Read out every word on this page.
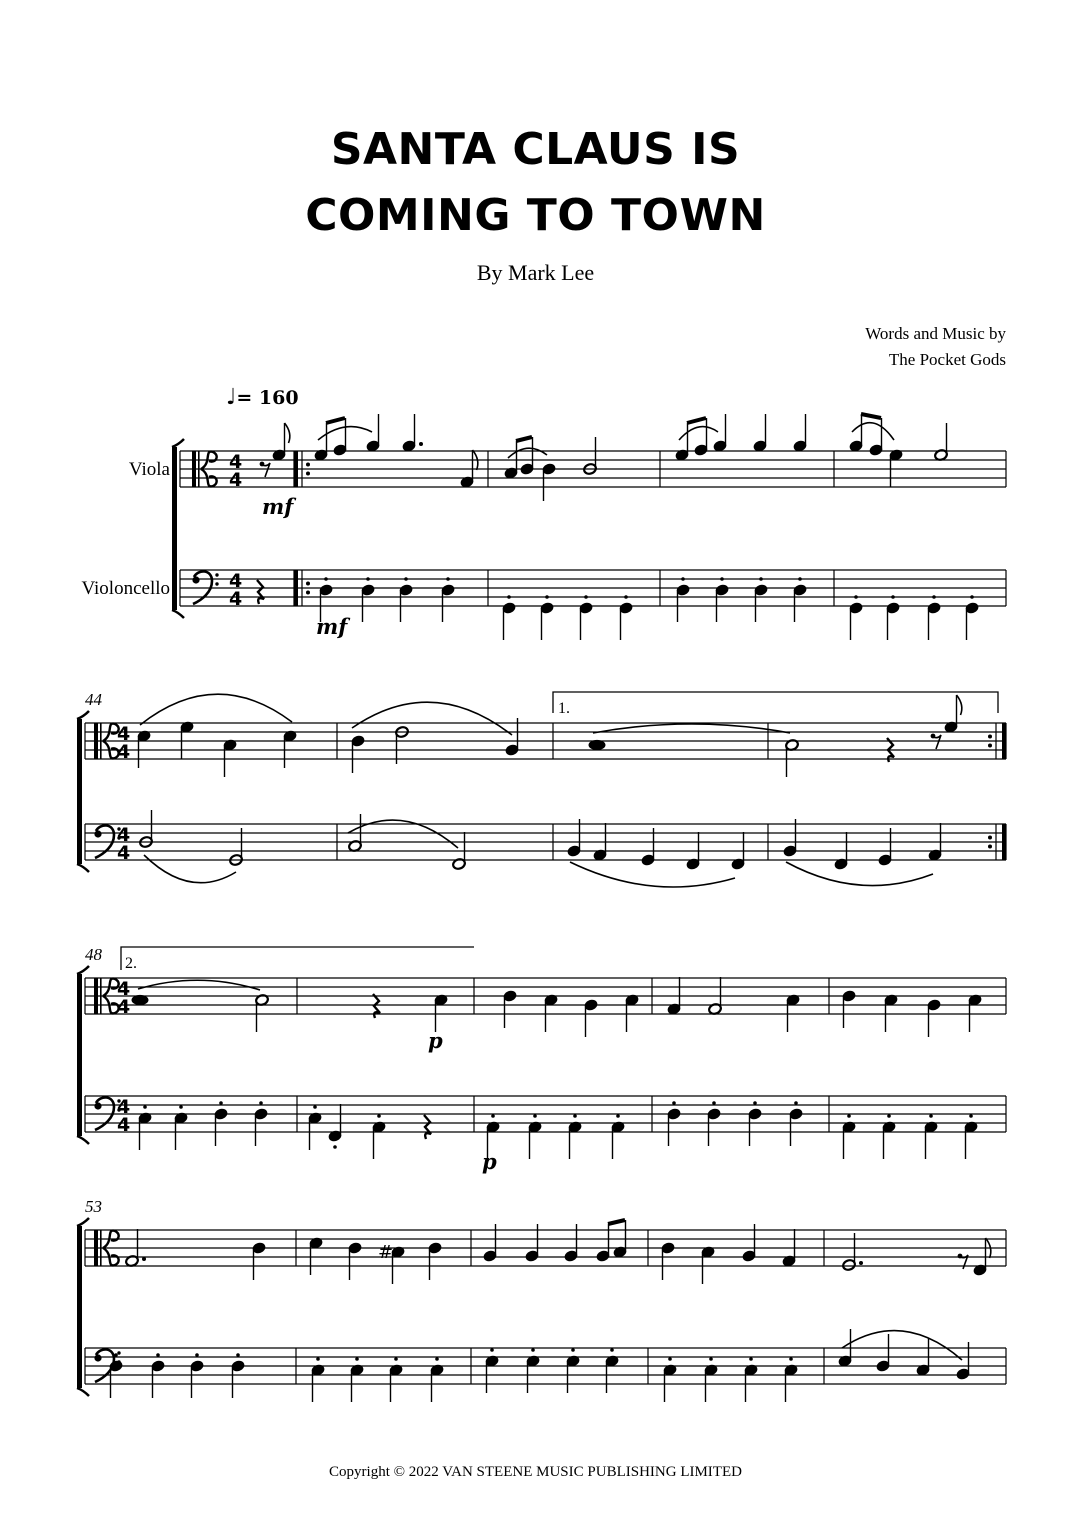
SANTA CLAUS IS
COMING TO TOWN
By Mark Lee
Words and Music by
The Pocket Gods
♩= 160
Viola
Violoncello
4
4
4
4
4
4
4
4
4
4
4
4
#
44
48
53
1.
2.
mf
mf
p
p
Copyright © 2022 VAN STEENE MUSIC PUBLISHING LIMITED
